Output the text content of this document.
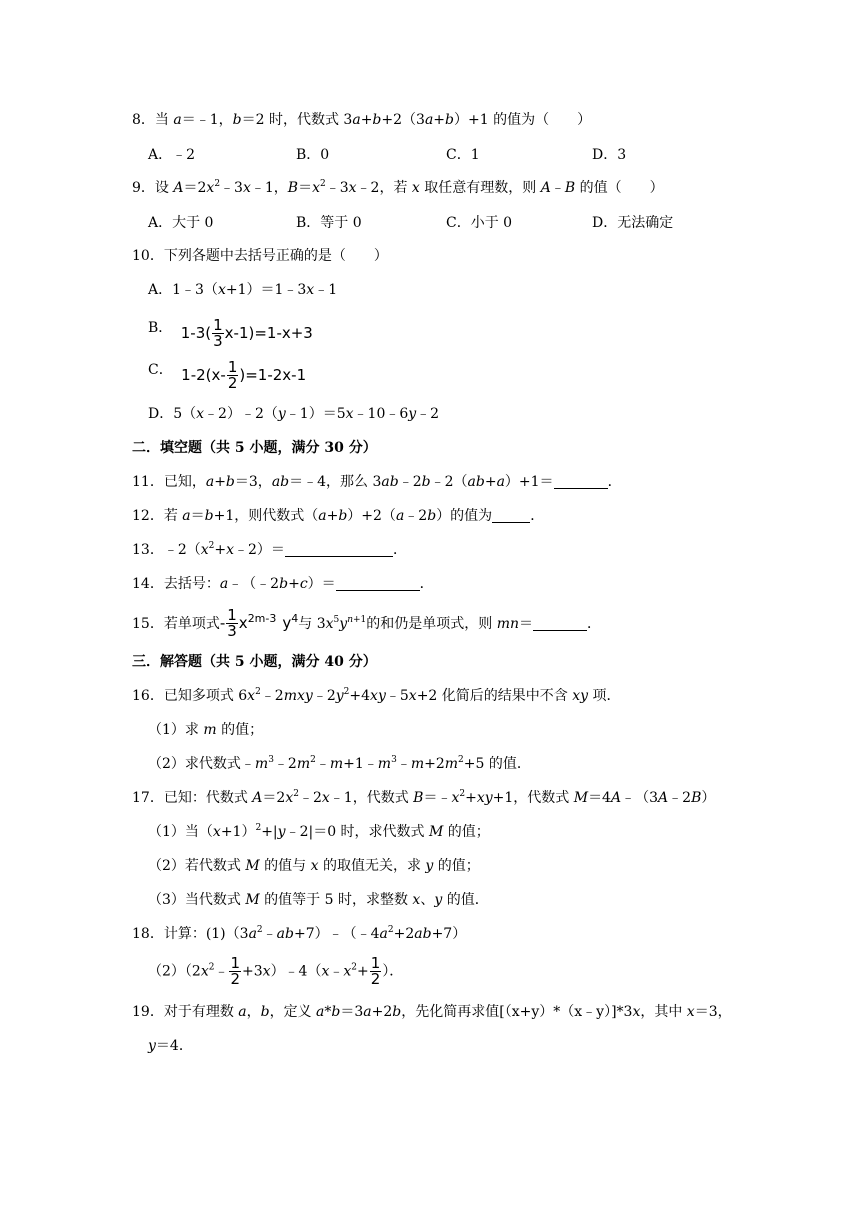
8．当 a＝﹣1，b＝2 时，代数式 3a+b+2（3a+b）+1 的值为（　　）
A．﹣2	B．0	C．1	D．3
9．设 $A=2x^2﹣3x﹣1$，$B=x^2﹣3x﹣2$，若 x 取任意有理数，则 A﹣B 的值（　　）
A．大于 0	B．等于 0	C．小于 0	D．无法确定
10．下列各题中去括号正确的是（　　）
A．1﹣3（x+1）＝1﹣3x﹣1
B． $1-3( \frac{1}{3} x-1)=1-x+3$
C． $1-2(x- \frac{1}{2} )=1-2x-1$
D．5（x﹣2）﹣2（y﹣1）＝5x﹣10﹣6y﹣2
二．填空题（共 5 小题，满分 30 分）
11．已知，a+b＝3，ab＝﹣4，那么 3ab﹣2b﹣2（ab+a）+1＝	．
12．若 a＝b+1，则代数式（a+b）+2（a﹣2b）的值为	．
13．$﹣2(x^2+x﹣2)=$	．
14．去括号：a﹣（﹣2b+c）＝	．
15．若单项式- $\frac{1}{3} x^{2m-3}$ $y^4$与 $3x^5y^{n+1}$的和仍是单项式，则 mn＝	．
三．解答题（共 5 小题，满分 40 分）
16．已知多项式 $6x^2﹣2mxy﹣2y^2+4xy﹣5x+2$ 化简后的结果中不含 xy 项．
（1）求 m 的值；
（2）求代数式$﹣m^3﹣2m^2﹣m+1﹣m^3﹣m+2m^2+5$ 的值．
17．已知：代数式 $A=2x^2﹣2x﹣1$，代数式 $B=﹣x^2+xy+1$，代数式 M＝4A﹣（3A﹣2B）
（1）当$(x+1)^2+|y﹣2|=0$ 时，求代数式 M 的值；
（2）若代数式 M 的值与 x 的取值无关，求 y 的值；
（3）当代数式 M 的值等于 5 时，求整数 x、y 的值．
18．计算：$(1)(3a^2﹣ab+7)﹣(﹣4a^2+2ab+7)$
$(2)(2x^2﹣ \frac{1}{2}$ $+3x)﹣4(x﹣x^2+ \frac{1}{2}$ ）．
19．对于有理数 a，b，定义 a*b＝3a+2b，先化简再求值[（x+y）*（x﹣y）]*3x，其中 x＝3，
y＝4．
